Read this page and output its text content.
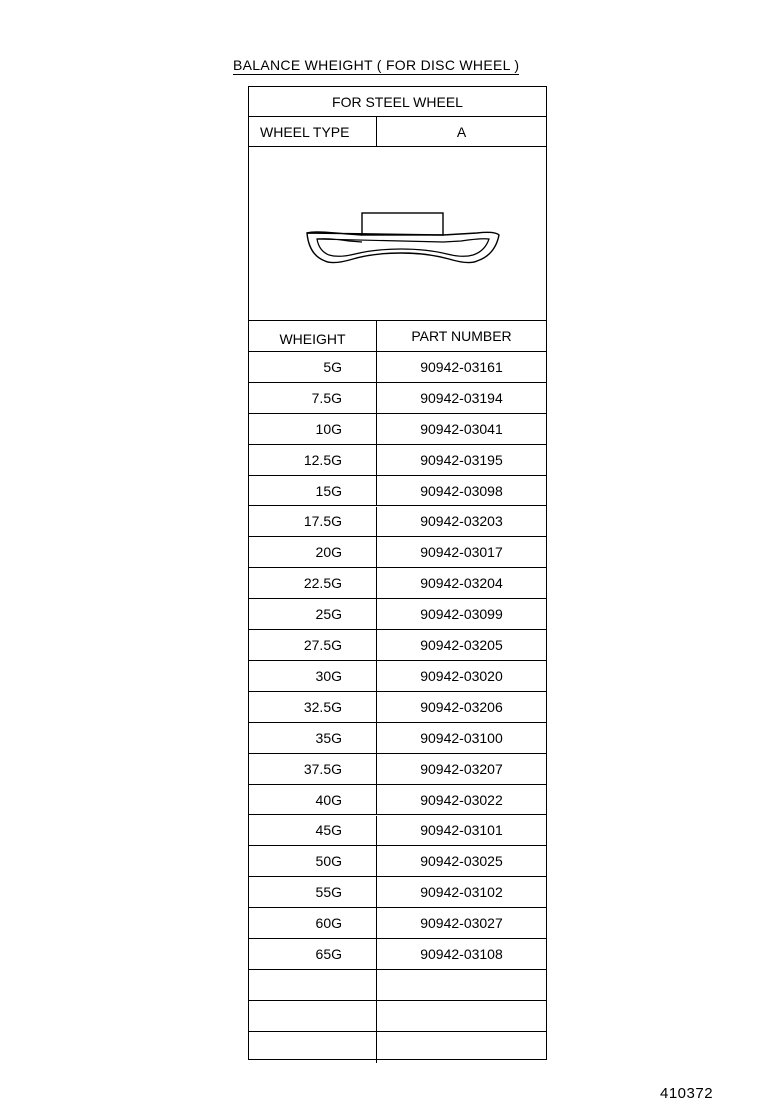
BALANCE WHEIGHT ( FOR DISC WHEEL )
FOR STEEL WHEEL
WHEEL TYPE	A
WHEIGHT	PART NUMBER
5G	90942-03161
7.5G	90942-03194
10G	90942-03041
12.5G	90942-03195
15G	90942-03098
17.5G	90942-03203
20G	90942-03017
22.5G	90942-03204
25G	90942-03099
27.5G	90942-03205
30G	90942-03020
32.5G	90942-03206
35G	90942-03100
37.5G	90942-03207
40G	90942-03022
45G	90942-03101
50G	90942-03025
55G	90942-03102
60G	90942-03027
65G	90942-03108
410372
